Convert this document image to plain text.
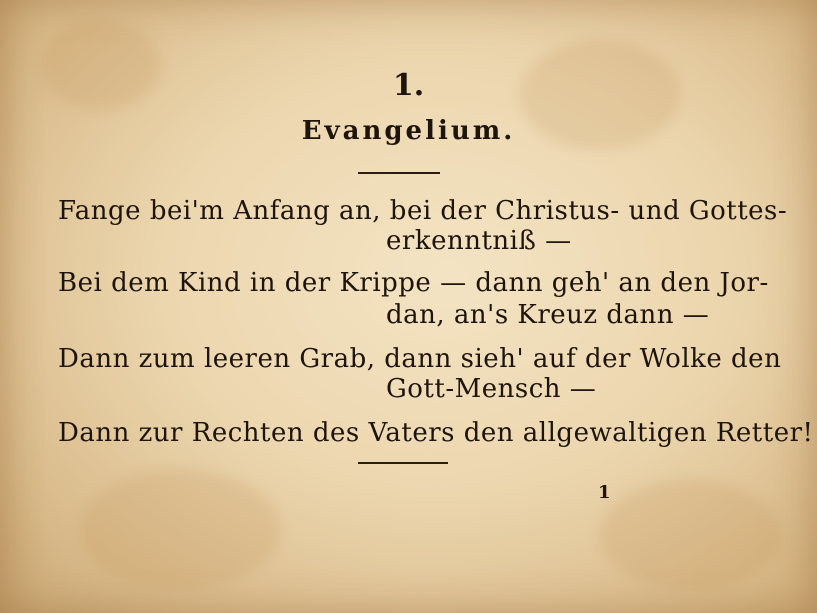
1.
Evangelium.
Fange bei'm Anfang an, bei der Christus- und Gottes-
erkenntniß —
Bei dem Kind in der Krippe — dann geh' an den Jor-
dan, an's Kreuz dann —
Dann zum leeren Grab, dann sieh' auf der Wolke den
Gott-Mensch —
Dann zur Rechten des Vaters den allgewaltigen Retter!
1
